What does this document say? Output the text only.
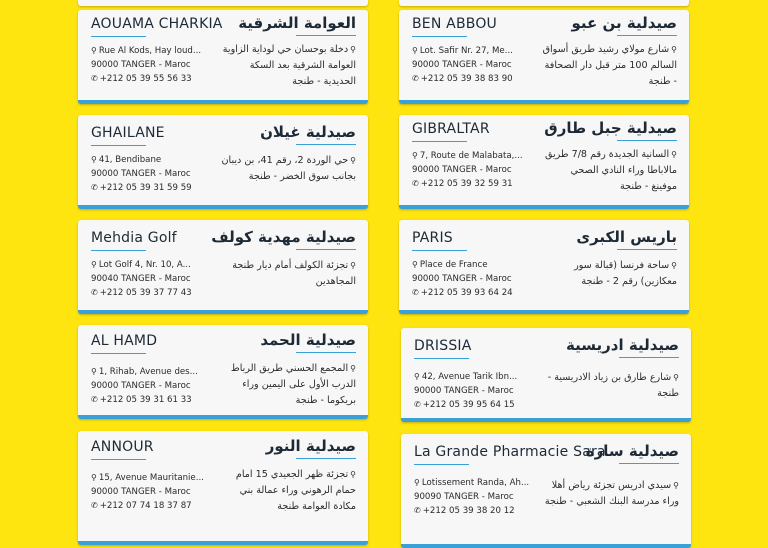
AOUAMA CHARKIA العوامة الشرقية
⚲ Rue Al Kods, Hay loud...
90000 TANGER - Maroc
✆ +212 05 39 55 56 33
⚲دخلة بوحسان حي لوداية الزاوية العوامة الشرقية بعد السكة الحديدية - طنجة
BEN ABBOU	صيدلية بن عبو
⚲ Lot. Safir Nr. 27, Me...
90000 TANGER - Maroc
✆ +212 05 39 38 83 90
⚲شارع مولاي رشيد طريق أسواق السالم 100 متر قبل دار الصحافة - طنجة
GHAILANE	صيدلية غيلان
⚲ 41, Bendibane
90000 TANGER - Maroc
✆ +212 05 39 31 59 59
⚲حي الوردة 2، رقم 41، بن ديبان بجانب سوق الخضر - طنجة
GIBRALTAR	صيدلية جبل طارق
⚲ 7, Route de Malabata,...
90000 TANGER - Maroc
✆ +212 05 39 32 59 31
⚲السانية الجديدة رقم 7/8 طريق مالاباطا وراء النادي الصحي موفينغ - طنجة
Mehdia Golf صيدلية مهدية كولف
⚲ Lot Golf 4, Nr. 10, A...
90040 TANGER - Maroc
✆ +212 05 39 37 77 43
⚲تجزئة الكولف أمام ديار طنجة المجاهدين
PARIS	باريس الكبرى
⚲ Place de France
90000 TANGER - Maroc
✆ +212 05 39 93 64 24
⚲ساحة فرنسا (قبالة سور معكازين) رقم 2 - طنجة
AL HAMD	صيدلية الحمد
⚲ 1, Rihab, Avenue des...
90000 TANGER - Maroc
✆ +212 05 39 31 61 33
⚲المجمع الحسني طريق الرباط الدرب الأول على اليمين وراء بريكوما - طنجة
DRISSIA	صيدلية ادريسية
⚲ 42, Avenue Tarik Ibn...
90000 TANGER - Maroc
✆ +212 05 39 95 64 15
⚲شارع طارق بن زياد الادريسية - طنجة
ANNOUR	صيدلية النور
⚲ 15, Avenue Mauritanie...
90000 TANGER - Maroc
✆ +212 07 74 18 37 87
⚲تجزئة ظهر الجعيدي 15 امام حمام الرهوني وراء عمالة بني مكادة العوامة طنجة
La Grande Pharmacie Sara
صيدلية سارة
⚲ Lotissement Randa, Ah...
90090 TANGER - Maroc
✆ +212 05 39 38 20 12
⚲سيدي ادريس تجزئة رياض أهلا وراء مدرسة البنك الشعبي - طنجة
